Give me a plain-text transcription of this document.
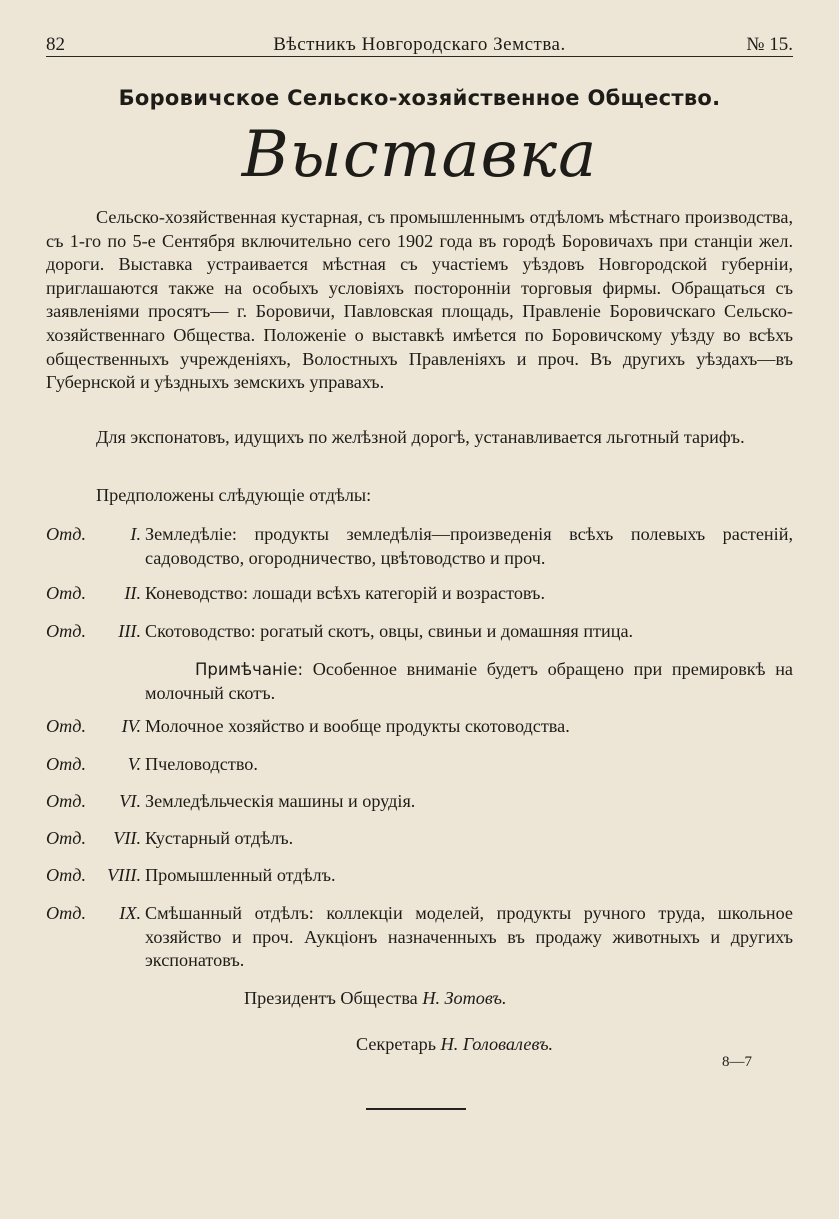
82	Вѣстникъ Новгородскаго Земства.	№ 15.
Боровичское Сельско-хозяйственное Общество.
Выставка
Сельско-хозяйственная кустарная, съ промышленнымъ отдѣломъ мѣстнаго производства, съ 1-го по 5-е Сентября включительно сего 1902 года въ городѣ Боровичахъ при станціи жел. дороги. Выставка устраивается мѣстная съ участіемъ уѣздовъ Новгородской губерніи, приглашаются также на особыхъ условіяхъ посторонніи торговыя фирмы. Обращаться съ заявленіями просятъ— г. Боровичи, Павловская площадь, Правленіе Боровичскаго Сельско-хозяйственнаго Общества. Положеніе о выставкѣ имѣется по Боровичскому уѣзду во всѣхъ общественныхъ учрежденіяхъ, Волостныхъ Правленіяхъ и проч. Въ другихъ уѣздахъ—въ Губернской и уѣздныхъ земскихъ управахъ.
Для экспонатовъ, идущихъ по желѣзной дорогѣ, устанавливается льготный тарифъ.
Предположены слѣдующіе отдѣлы:
Отд. I. Земледѣліе: продукты земледѣлія—произведенія всѣхъ полевыхъ растеній, садоводство, огородничество, цвѣтоводство и проч.
Отд. II. Коневодство: лошади всѣхъ категорій и возрастовъ.
Отд. III. Скотоводство: рогатый скотъ, овцы, свиньи и домашняя птица.
Примѣчаніе: Особенное вниманіе будетъ обращено при премировкѣ на молочный скотъ.
Отд. IV. Молочное хозяйство и вообще продукты скотоводства.
Отд. V. Пчеловодство.
Отд. VI. Земледѣльческія машины и орудія.
Отд. VII. Кустарный отдѣлъ.
Отд. VIII. Промышленный отдѣлъ.
Отд. IX. Смѣшанный отдѣлъ: коллекціи моделей, продукты ручного труда, школьное хозяйство и проч. Аукціонъ назначенныхъ въ продажу животныхъ и другихъ экспонатовъ.
Президентъ Общества Н. Зотовъ.
Секретарь Н. Головалевъ.
8—7
